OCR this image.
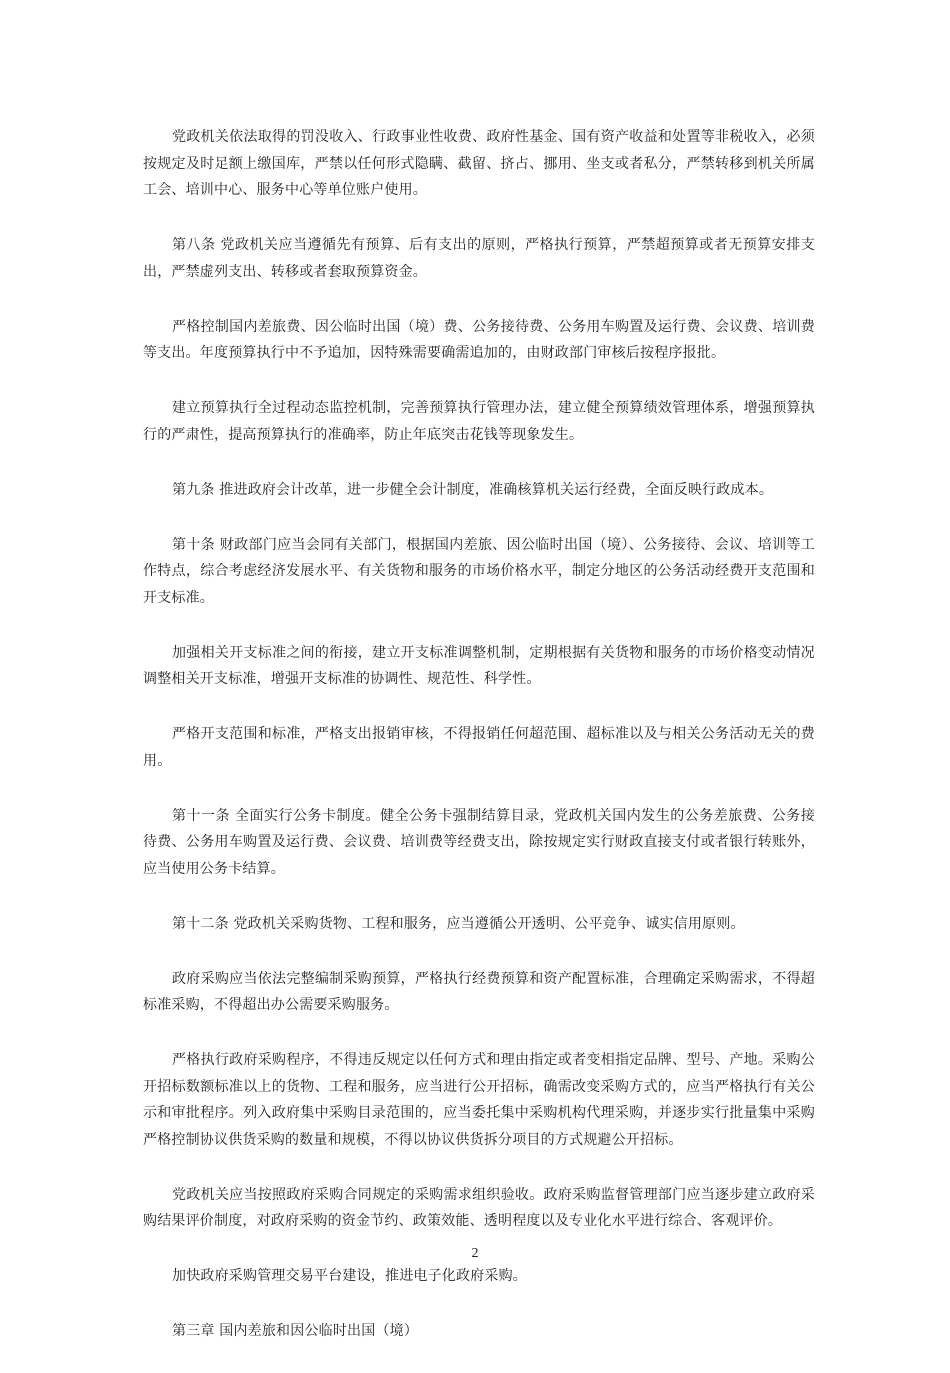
党政机关依法取得的罚没收入、行政事业性收费、政府性基金、国有资产收益和处置等非税收入，必须按规定及时足额上缴国库，严禁以任何形式隐瞒、截留、挤占、挪用、坐支或者私分，严禁转移到机关所属工会、培训中心、服务中心等单位账户使用。

第八条 党政机关应当遵循先有预算、后有支出的原则，严格执行预算，严禁超预算或者无预算安排支出，严禁虚列支出、转移或者套取预算资金。

严格控制国内差旅费、因公临时出国（境）费、公务接待费、公务用车购置及运行费、会议费、培训费等支出。年度预算执行中不予追加，因特殊需要确需追加的，由财政部门审核后按程序报批。

建立预算执行全过程动态监控机制，完善预算执行管理办法，建立健全预算绩效管理体系，增强预算执行的严肃性，提高预算执行的准确率，防止年底突击花钱等现象发生。

第九条 推进政府会计改革，进一步健全会计制度，准确核算机关运行经费，全面反映行政成本。

第十条 财政部门应当会同有关部门，根据国内差旅、因公临时出国（境）、公务接待、会议、培训等工作特点，综合考虑经济发展水平、有关货物和服务的市场价格水平，制定分地区的公务活动经费开支范围和开支标准。

加强相关开支标准之间的衔接，建立开支标准调整机制，定期根据有关货物和服务的市场价格变动情况调整相关开支标准，增强开支标准的协调性、规范性、科学性。

严格开支范围和标准，严格支出报销审核，不得报销任何超范围、超标准以及与相关公务活动无关的费用。

第十一条 全面实行公务卡制度。健全公务卡强制结算目录，党政机关国内发生的公务差旅费、公务接待费、公务用车购置及运行费、会议费、培训费等经费支出，除按规定实行财政直接支付或者银行转账外，应当使用公务卡结算。

第十二条 党政机关采购货物、工程和服务，应当遵循公开透明、公平竞争、诚实信用原则。

政府采购应当依法完整编制采购预算，严格执行经费预算和资产配置标准，合理确定采购需求，不得超标准采购，不得超出办公需要采购服务。

严格执行政府采购程序，不得违反规定以任何方式和理由指定或者变相指定品牌、型号、产地。采购公开招标数额标准以上的货物、工程和服务，应当进行公开招标，确需改变采购方式的，应当严格执行有关公示和审批程序。列入政府集中采购目录范围的，应当委托集中采购机构代理采购，并逐步实行批量集中采购严格控制协议供货采购的数量和规模，不得以协议供货拆分项目的方式规避公开招标。

党政机关应当按照政府采购合同规定的采购需求组织验收。政府采购监督管理部门应当逐步建立政府采购结果评价制度，对政府采购的资金节约、政策效能、透明程度以及专业化水平进行综合、客观评价。

加快政府采购管理交易平台建设，推进电子化政府采购。

第三章 国内差旅和因公临时出国（境）

2
